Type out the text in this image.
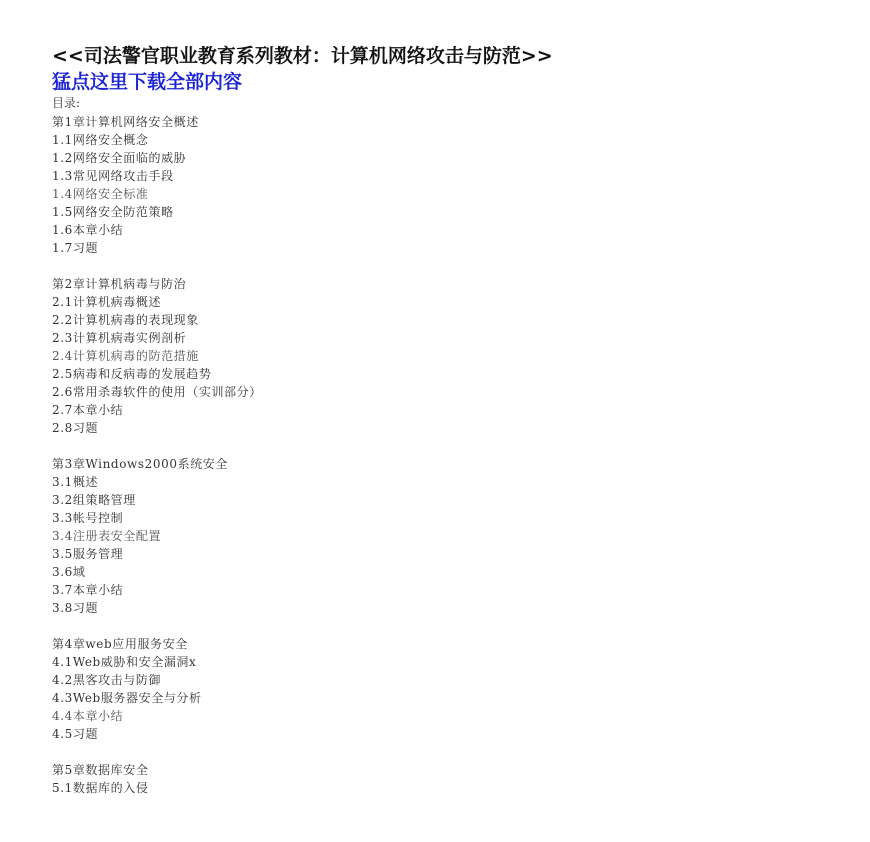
<<司法警官职业教育系列教材：计算机网络攻击与防范>>
猛点这里下载全部内容
目录:
第1章计算机网络安全概述
1.1网络安全概念
1.2网络安全面临的威胁
1.3常见网络攻击手段
1.4网络安全标准
1.5网络安全防范策略
1.6本章小结
1.7习题
第2章计算机病毒与防治
2.1计算机病毒概述
2.2计算机病毒的表现现象
2.3计算机病毒实例剖析
2.4计算机病毒的防范措施
2.5病毒和反病毒的发展趋势
2.6常用杀毒软件的使用（实训部分）
2.7本章小结
2.8习题
第3章Windows2000系统安全
3.1概述
3.2组策略管理
3.3帐号控制
3.4注册表安全配置
3.5服务管理
3.6域
3.7本章小结
3.8习题
第4章web应用服务安全
4.1Web威胁和安全漏洞x
4.2黑客攻击与防御
4.3Web服务器安全与分析
4.4本章小结
4.5习题
第5章数据库安全
5.1数据库的入侵
